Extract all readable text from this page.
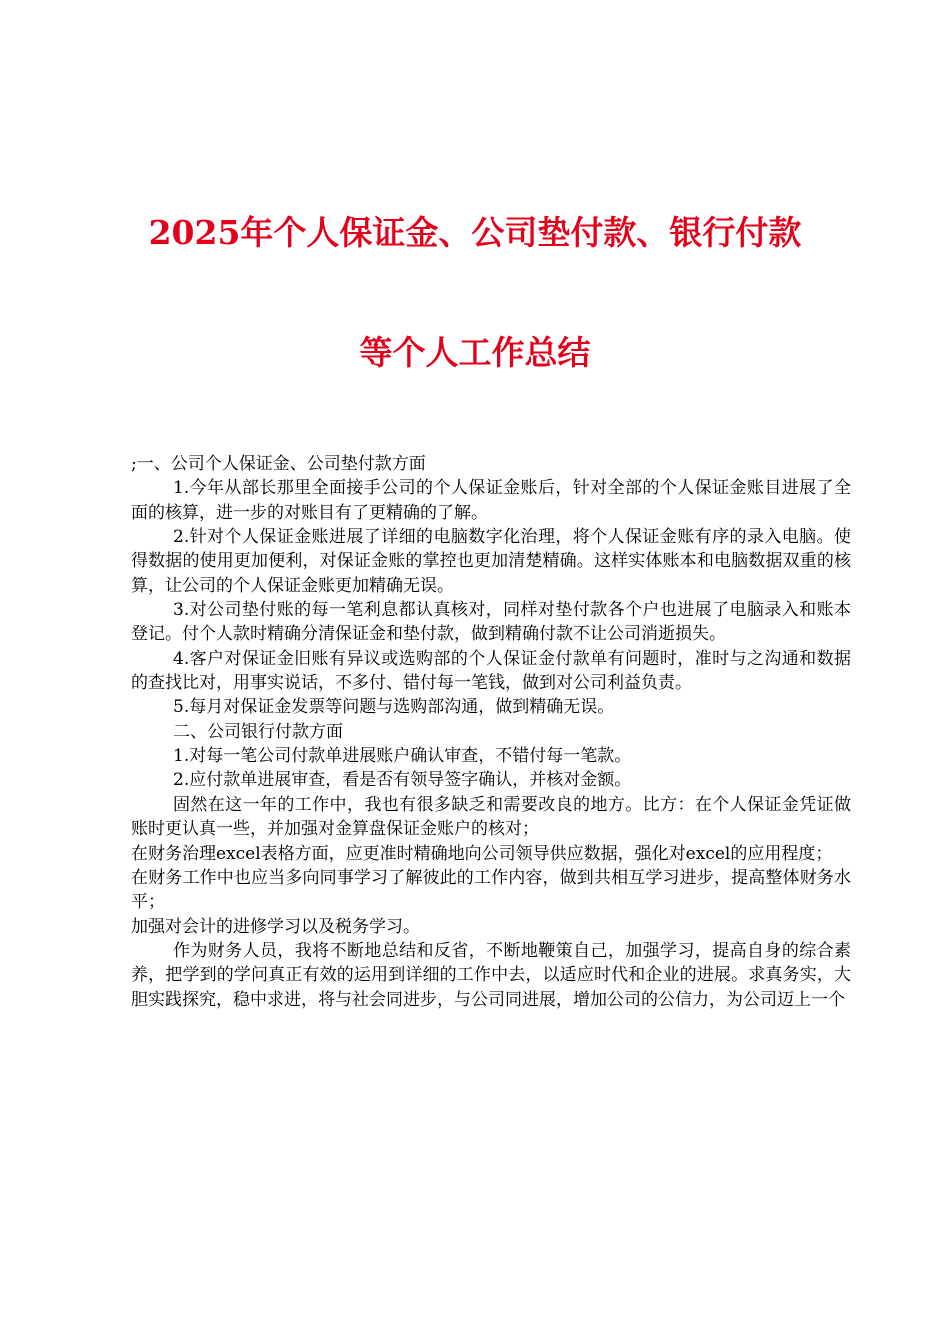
2025年个人保证金、公司垫付款、银行付款
等个人工作总结

;一、公司个人保证金、公司垫付款方面

1.今年从部长那里全面接手公司的个人保证金账后，针对全部的个人保证金账目进展了全面的核算，进一步的对账目有了更精确的了解。

2.针对个人保证金账进展了详细的电脑数字化治理，将个人保证金账有序的录入电脑。使得数据的使用更加便利，对保证金账的掌控也更加清楚精确。这样实体账本和电脑数据双重的核算，让公司的个人保证金账更加精确无误。

3.对公司垫付账的每一笔利息都认真核对，同样对垫付款各个户也进展了电脑录入和账本登记。付个人款时精确分清保证金和垫付款，做到精确付款不让公司消逝损失。

4.客户对保证金旧账有异议或选购部的个人保证金付款单有问题时，准时与之沟通和数据的查找比对，用事实说话，不多付、错付每一笔钱，做到对公司利益负责。

5.每月对保证金发票等问题与选购部沟通，做到精确无误。

二、公司银行付款方面

1.对每一笔公司付款单进展账户确认审查，不错付每一笔款。

2.应付款单进展审查，看是否有领导签字确认，并核对金额。

固然在这一年的工作中，我也有很多缺乏和需要改良的地方。比方：在个人保证金凭证做账时更认真一些，并加强对金算盘保证金账户的核对；

在财务治理excel表格方面，应更准时精确地向公司领导供应数据，强化对excel的应用程度；

在财务工作中也应当多向同事学习了解彼此的工作内容，做到共相互学习进步，提高整体财务水平；

加强对会计的进修学习以及税务学习。

作为财务人员，我将不断地总结和反省，不断地鞭策自己，加强学习，提高自身的综合素养，把学到的学问真正有效的运用到详细的工作中去，以适应时代和企业的进展。求真务实，大胆实践探究，稳中求进，将与社会同进步，与公司同进展，增加公司的公信力，为公司迈上一个
